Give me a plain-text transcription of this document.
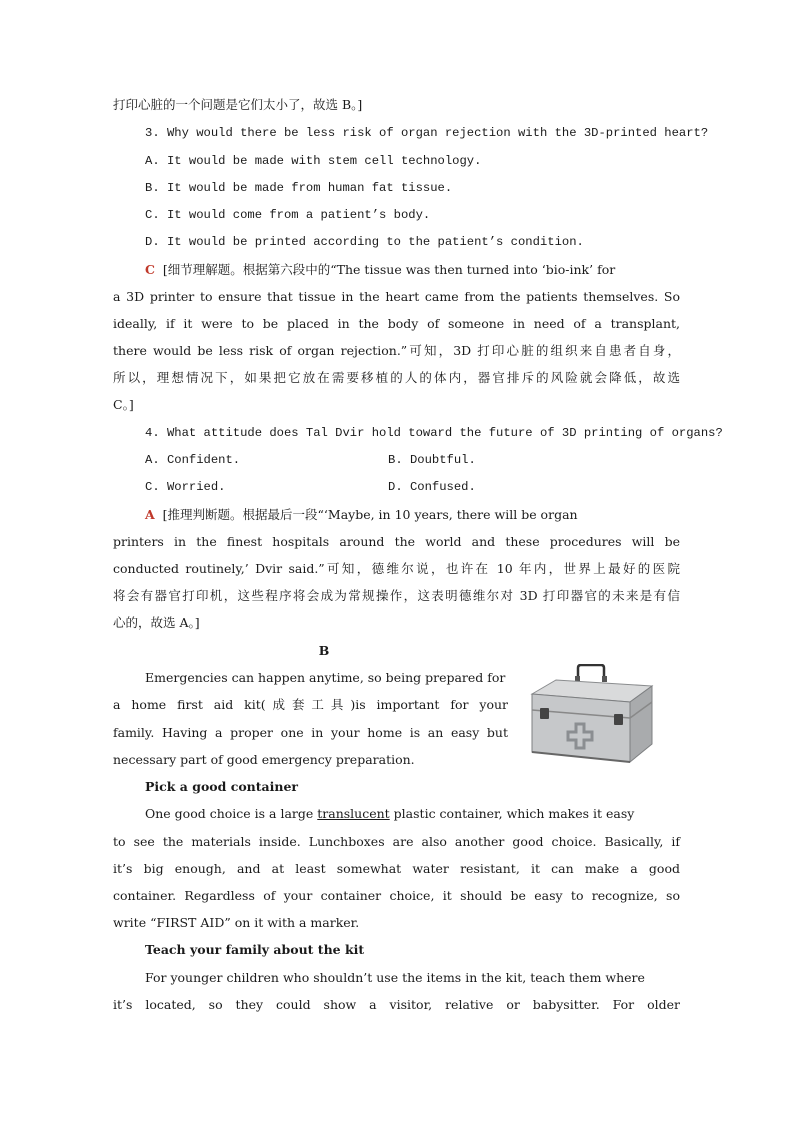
打印心脏的一个问题是它们太小了，故选 B。]
3. Why would there be less risk of organ rejection with the 3D-printed heart?
A. It would be made with stem cell technology.
B. It would be made from human fat tissue.
C. It would come from a patient’s body.
D. It would be printed according to the patient’s condition.
C [细节理解题。根据第六段中的“The tissue was then turned into ‘bio-ink’ for
a 3D printer to ensure that tissue in the heart came from the patients themselves. So
ideally, if it were to be placed in the body of someone in need of a transplant,
there would be less risk of organ rejection.”可知，3D 打印心脏的组织来自患者自身，
所以，理想情况下，如果把它放在需要移植的人的体内，器官排斥的风险就会降低，故选
C。]
4. What attitude does Tal Dvir hold toward the future of 3D printing of organs?
A. Confident.	B. Doubtful.
C. Worried.	D. Confused.
A [推理判断题。根据最后一段“‘Maybe, in 10 years, there will be organ
printers in the finest hospitals around the world and these procedures will be
conducted routinely,’ Dvir said.”可知，德维尔说，也许在 10 年内，世界上最好的医院
将会有器官打印机，这些程序将会成为常规操作，这表明德维尔对 3D 打印器官的未来是有信
心的，故选 A。]
B
Emergencies can happen anytime, so being prepared for
a home first aid kit(成套工具)is important for your
family. Having a proper one in your home is an easy but
necessary part of good emergency preparation.
Pick a good container
One good choice is a large translucent plastic container, which makes it easy
to see the materials inside. Lunchboxes are also another good choice. Basically, if
it’s big enough, and at least somewhat water resistant, it can make a good
container. Regardless of your container choice, it should be easy to recognize, so
write “FIRST AID” on it with a marker.
Teach your family about the kit
For younger children who shouldn’t use the items in the kit, teach them where
it’s located, so they could show a visitor, relative or babysitter. For older
